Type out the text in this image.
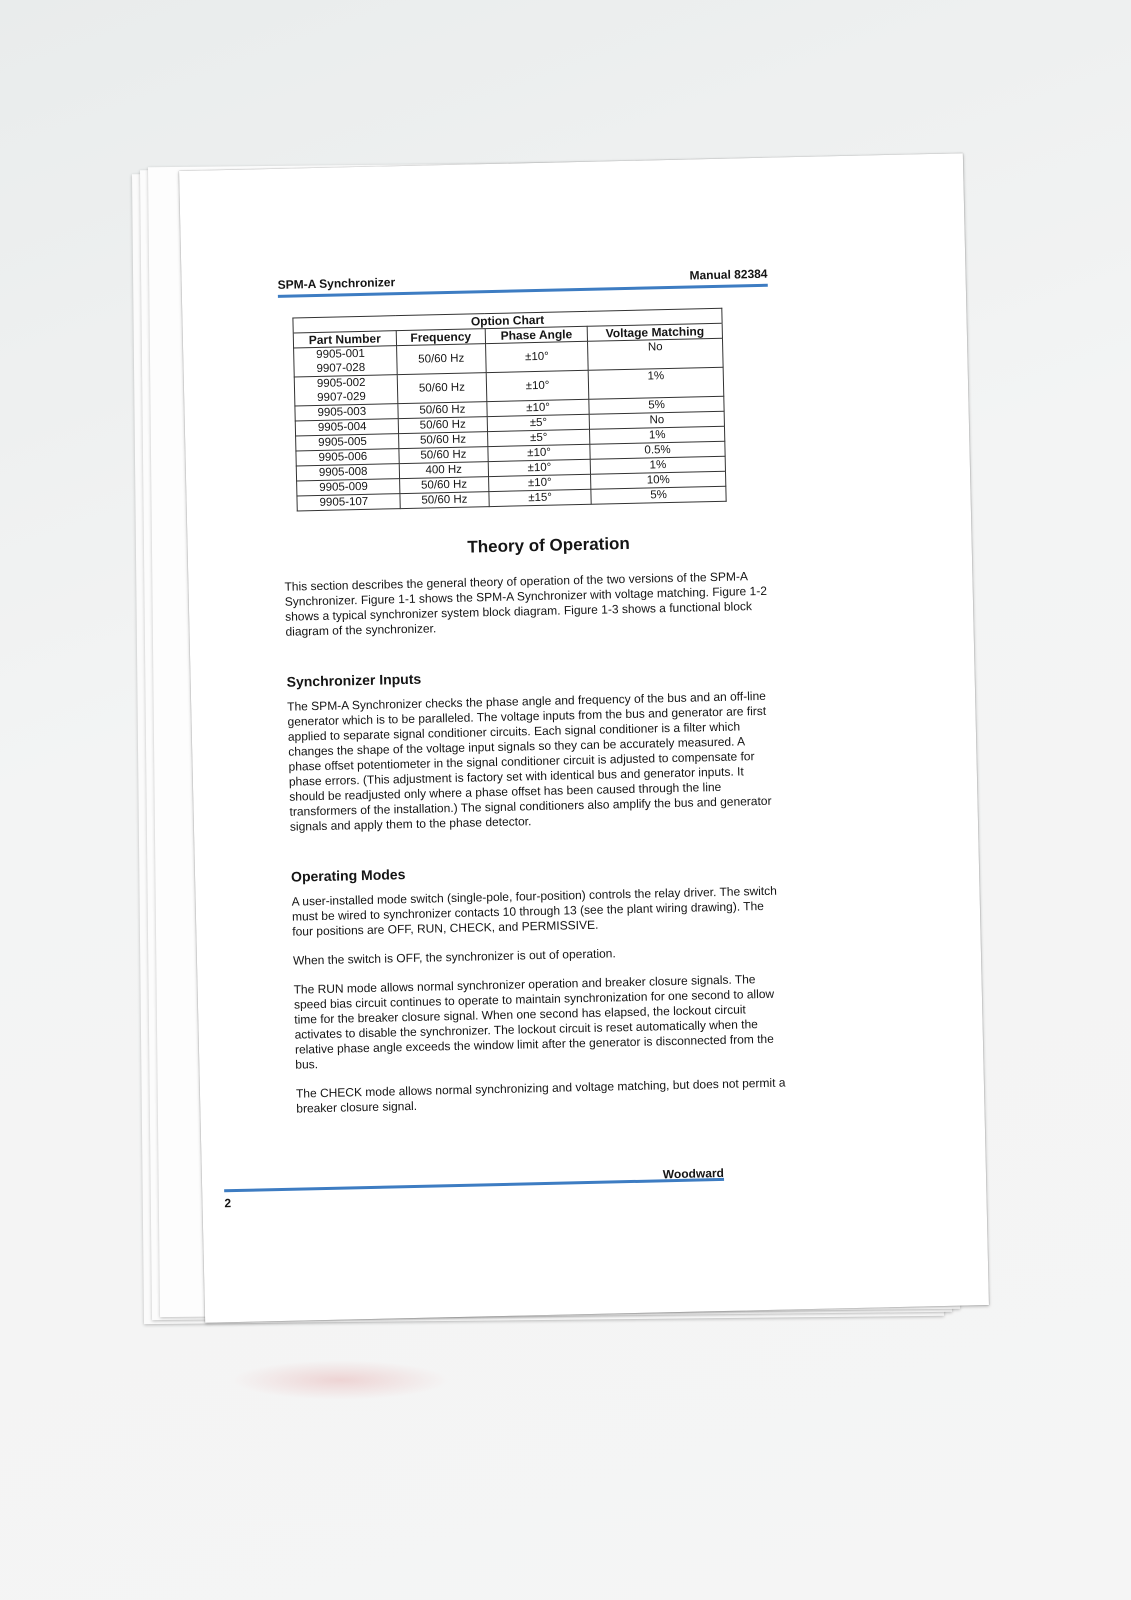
SPM-A Synchronizer
Manual 82384
Option Chart			
Part Number	Frequency	Phase Angle	Voltage Matching
9905-001
9907-028	50/60 Hz	±10°	No
9905-002
9907-029	50/60 Hz	±10°	1%
9905-003	50/60 Hz	±10°	5%
9905-004	50/60 Hz	±5°	No
9905-005	50/60 Hz	±5°	1%
9905-006	50/60 Hz	±10°	0.5%
9905-008	400 Hz	±10°	1%
9905-009	50/60 Hz	±10°	10%
9905-107	50/60 Hz	±15°	5%
Theory of Operation

This section describes the general theory of operation of the two versions of the SPM-A Synchronizer. Figure 1-1 shows the SPM-A Synchronizer with voltage matching. Figure 1-2 shows a typical synchronizer system block diagram. Figure 1-3 shows a functional block diagram of the synchronizer.

Synchronizer Inputs

The SPM-A Synchronizer checks the phase angle and frequency of the bus and an off-line generator which is to be paralleled. The voltage inputs from the bus and generator are first applied to separate signal conditioner circuits. Each signal conditioner is a filter which changes the shape of the voltage input signals so they can be accurately measured. A phase offset potentiometer in the signal conditioner circuit is adjusted to compensate for phase errors. (This adjustment is factory set with identical bus and generator inputs. It should be readjusted only where a phase offset has been caused through the line transformers of the installation.) The signal conditioners also amplify the bus and generator signals and apply them to the phase detector.

Operating Modes

A user-installed mode switch (single-pole, four-position) controls the relay driver. The switch must be wired to synchronizer contacts 10 through 13 (see the plant wiring drawing). The four positions are OFF, RUN, CHECK, and PERMISSIVE.

When the switch is OFF, the synchronizer is out of operation.

The RUN mode allows normal synchronizer operation and breaker closure signals. The speed bias circuit continues to operate to maintain synchronization for one second to allow time for the breaker closure signal. When one second has elapsed, the lockout circuit activates to disable the synchronizer. The lockout circuit is reset automatically when the relative phase angle exceeds the window limit after the generator is disconnected from the bus.

The CHECK mode allows normal synchronizing and voltage matching, but does not permit a breaker closure signal.

Woodward
2
